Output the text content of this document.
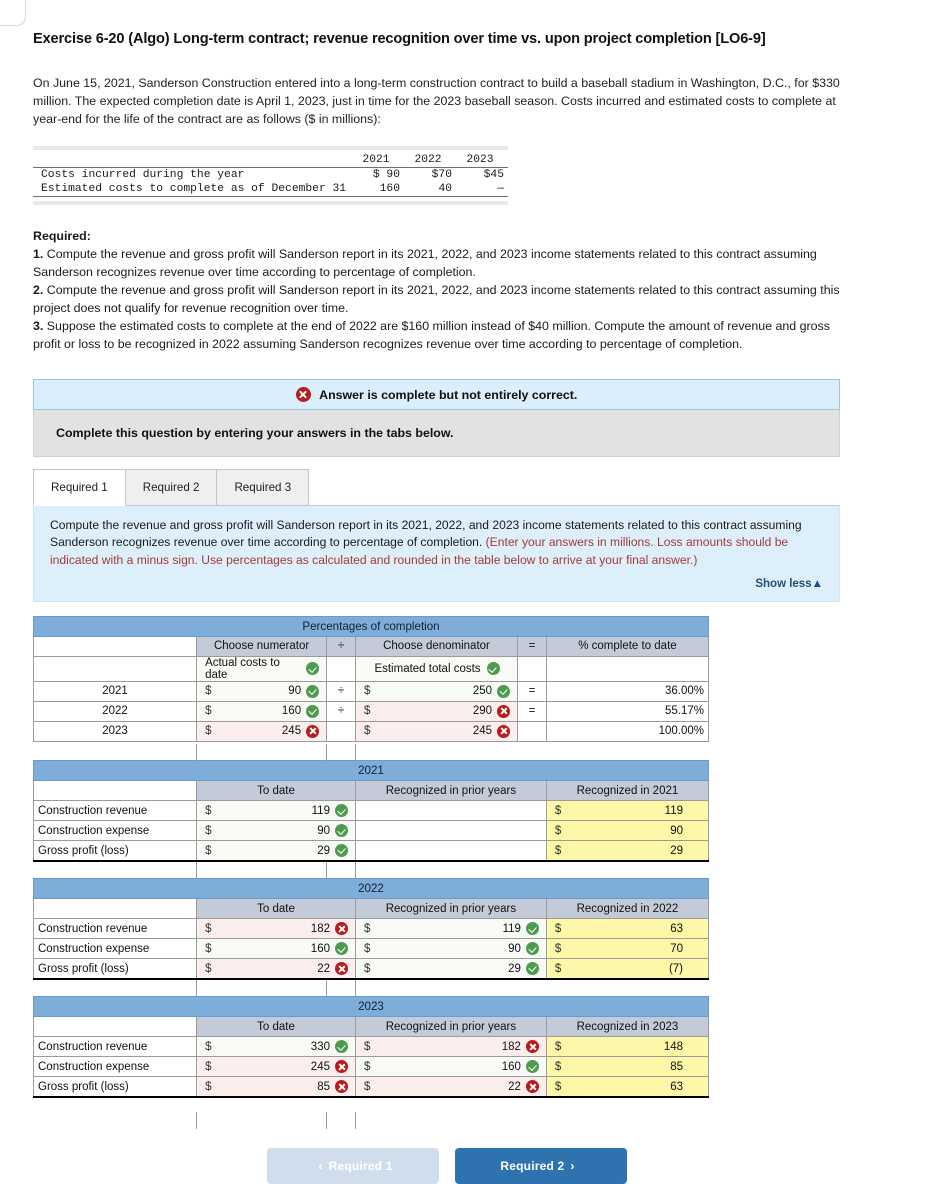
Exercise 6-20 (Algo) Long-term contract; revenue recognition over time vs. upon project completion [LO6-9]

On June 15, 2021, Sanderson Construction entered into a long-term construction contract to build a baseball stadium in Washington, D.C., for $330 million. The expected completion date is April 1, 2023, just in time for the 2023 baseball season. Costs incurred and estimated costs to complete at year-end for the life of the contract are as follows ($ in millions):

	2021	2022	2023
Costs incurred during the year	$ 90	$70	$45
Estimated costs to complete as of December 31	160	40	—

Required:
1. Compute the revenue and gross profit will Sanderson report in its 2021, 2022, and 2023 income statements related to this contract assuming Sanderson recognizes revenue over time according to percentage of completion.
2. Compute the revenue and gross profit will Sanderson report in its 2021, 2022, and 2023 income statements related to this contract assuming this project does not qualify for revenue recognition over time.
3. Suppose the estimated costs to complete at the end of 2022 are $160 million instead of $40 million. Compute the amount of revenue and gross profit or loss to be recognized in 2022 assuming Sanderson recognizes revenue over time according to percentage of completion.
Answer is complete but not entirely correct.
Complete this question by entering your answers in the tabs below.
Required 1	Required 2	Required 3
Compute the revenue and gross profit will Sanderson report in its 2021, 2022, and 2023 income statements related to this contract assuming Sanderson recognizes revenue over time according to percentage of completion. (Enter your answers in millions. Loss amounts should be indicated with a minus sign. Use percentages as calculated and rounded in the table below to arrive at your final answer.)
Show less▲
Percentages of completion					
	Choose numerator	÷	Choose denominator	=	% complete to date

	Actual costs to date		Estimated total costs		

2021	$ 90	÷	$ 250	=	36.00%
2022	$ 160	÷	$ 290	=	55.17%
2023	$ 245		$ 245		100.00%

2021					
	To date		Recognized in prior years		Recognized in 2021
Construction revenue	$ 119				$ 119

Construction expense	$ 90				$ 90

Gross profit (loss)	$ 29				$ 29

2022					
	To date		Recognized in prior years		Recognized in 2022
Construction revenue	$ 182		$ 119		$ 63

Construction expense	$ 160		$ 90		$ 70

Gross profit (loss)	$ 22		$ 29		$ (7)

2023					
	To date		Recognized in prior years		Recognized in 2023
Construction revenue	$ 330		$ 182		$ 148

Construction expense	$ 245		$ 160		$ 85

Gross profit (loss)	$ 85		$ 22		$ 63

‹ Required 1	Required 2 ›
